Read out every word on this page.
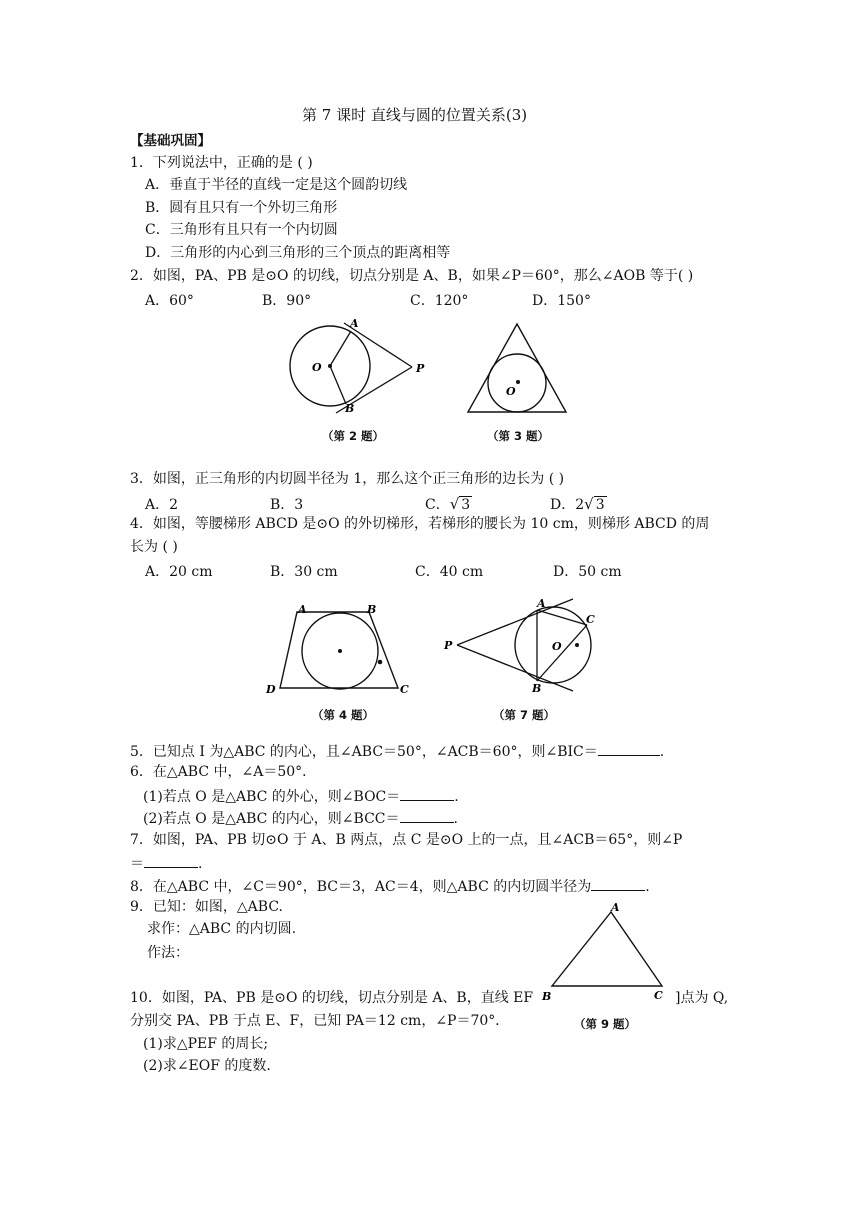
第 7 课时 直线与圆的位置关系(3)
【基础巩固】
1．下列说法中，正确的是 ( )
A．垂直于半径的直线一定是这个圆韵切线
B．圆有且只有一个外切三角形
C．三角形有且只有一个内切圆
D．三角形的内心到三角形的三个顶点的距离相等
2．如图，PA、PB 是⊙O 的切线，切点分别是 A、B，如果∠P＝60°，那么∠AOB 等于( )
A．60°	B．90°	C．120°	D．150°
A
O	P
B
（第 2 题）
O
（第 3 题）
3．如图，正三角形的内切圆半径为 1，那么这个正三角形的边长为 ( )
A．2	B．3	C．√ 3	D．2√ 3
4．如图，等腰梯形 ABCD 是⊙O 的外切梯形，若梯形的腰长为 10 cm，则梯形 ABCD 的周
长为 ( )
A．20 cm	B．30 cm	C．40 cm	D．50 cm
A	B
D	C
（第 4 题）
A
C
P	O
B
（第 7 题）
5．已知点 I 为△ABC 的内心，且∠ABC＝50°，∠ACB＝60°，则∠BIC＝	.
6．在△ABC 中，∠A＝50°．
(1)若点 O 是△ABC 的外心，则∠BOC＝	.
(2)若点 O 是△ABC 的内心，则∠BCC＝	.
7．如图，PA、PB 切⊙O 于 A、B 两点，点 C 是⊙O 上的一点，且∠ACB＝65°，则∠P
＝	.
8．在△ABC 中，∠C＝90°，BC＝3，AC＝4，则△ABC 的内切圆半径为	.
9．已知：如图，△ABC.
求作：△ABC 的内切圆.
作法：
A
B	C
（第 9 题）
10．如图，PA、PB 是⊙O 的切线，切点分别是 A、B，直线 EF	]点为 Q,
分别交 PA、PB 于点 E、F，已知 PA＝12 cm，∠P＝70°．
(1)求△PEF 的周长;
(2)求∠EOF 的度数.
